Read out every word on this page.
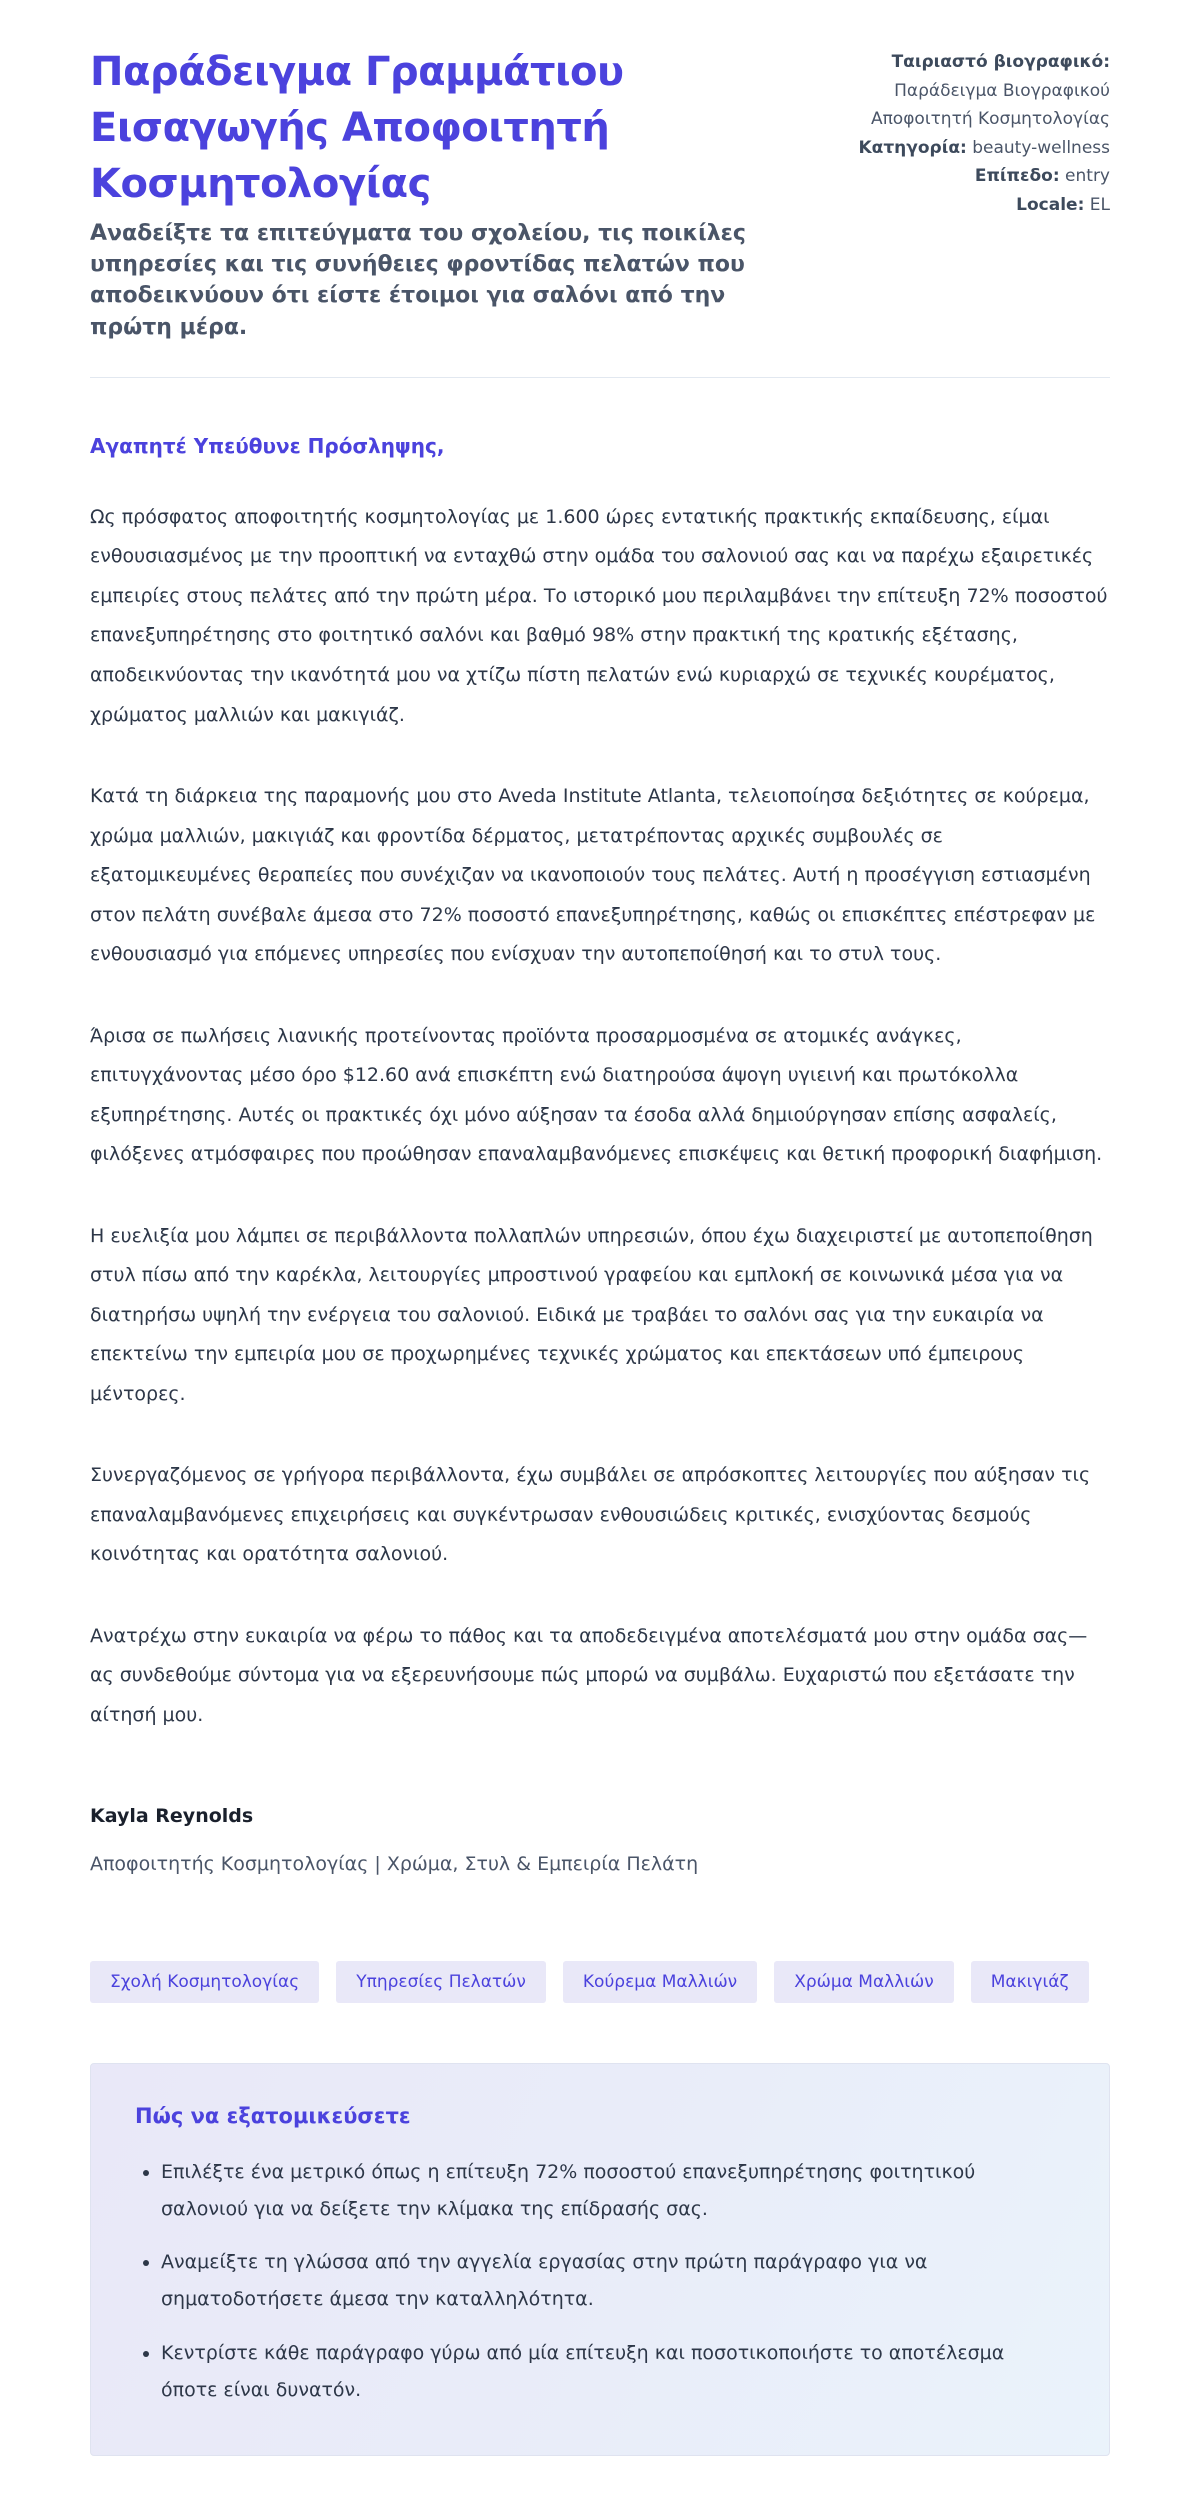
Παράδειγμα Γραμμάτιου Εισαγωγής Αποφοιτητή Κοσμητολογίας
Αναδείξτε τα επιτεύγματα του σχολείου, τις ποικίλες υπηρεσίες και τις συνήθειες φροντίδας πελατών που αποδεικνύουν ότι είστε έτοιμοι για σαλόνι από την πρώτη μέρα.
Ταιριαστό βιογραφικό: Παράδειγμα Βιογραφικού Αποφοιτητή Κοσμητολογίας
Κατηγορία: beauty-wellness
Επίπεδο: entry
Locale: EL
Αγαπητέ Υπεύθυνε Πρόσληψης,

Ως πρόσφατος αποφοιτητής κοσμητολογίας με 1.600 ώρες εντατικής πρακτικής εκπαίδευσης, είμαι ενθουσιασμένος με την προοπτική να ενταχθώ στην ομάδα του σαλονιού σας και να παρέχω εξαιρετικές εμπειρίες στους πελάτες από την πρώτη μέρα. Το ιστορικό μου περιλαμβάνει την επίτευξη 72% ποσοστού επανεξυπηρέτησης στο φοιτητικό σαλόνι και βαθμό 98% στην πρακτική της κρατικής εξέτασης, αποδεικνύοντας την ικανότητά μου να χτίζω πίστη πελατών ενώ κυριαρχώ σε τεχνικές κουρέματος, χρώματος μαλλιών και μακιγιάζ.

Κατά τη διάρκεια της παραμονής μου στο Aveda Institute Atlanta, τελειοποίησα δεξιότητες σε κούρεμα, χρώμα μαλλιών, μακιγιάζ και φροντίδα δέρματος, μετατρέποντας αρχικές συμβουλές σε εξατομικευμένες θεραπείες που συνέχιζαν να ικανοποιούν τους πελάτες. Αυτή η προσέγγιση εστιασμένη στον πελάτη συνέβαλε άμεσα στο 72% ποσοστό επανεξυπηρέτησης, καθώς οι επισκέπτες επέστρεφαν με ενθουσιασμό για επόμενες υπηρεσίες που ενίσχυαν την αυτοπεποίθησή και το στυλ τους.

Άρισα σε πωλήσεις λιανικής προτείνοντας προϊόντα προσαρμοσμένα σε ατομικές ανάγκες, επιτυγχάνοντας μέσο όρο $12.60 ανά επισκέπτη ενώ διατηρούσα άψογη υγιεινή και πρωτόκολλα εξυπηρέτησης. Αυτές οι πρακτικές όχι μόνο αύξησαν τα έσοδα αλλά δημιούργησαν επίσης ασφαλείς, φιλόξενες ατμόσφαιρες που προώθησαν επαναλαμβανόμενες επισκέψεις και θετική προφορική διαφήμιση.

Η ευελιξία μου λάμπει σε περιβάλλοντα πολλαπλών υπηρεσιών, όπου έχω διαχειριστεί με αυτοπεποίθηση στυλ πίσω από την καρέκλα, λειτουργίες μπροστινού γραφείου και εμπλοκή σε κοινωνικά μέσα για να διατηρήσω υψηλή την ενέργεια του σαλονιού. Ειδικά με τραβάει το σαλόνι σας για την ευκαιρία να επεκτείνω την εμπειρία μου σε προχωρημένες τεχνικές χρώματος και επεκτάσεων υπό έμπειρους μέντορες.

Συνεργαζόμενος σε γρήγορα περιβάλλοντα, έχω συμβάλει σε απρόσκοπτες λειτουργίες που αύξησαν τις επαναλαμβανόμενες επιχειρήσεις και συγκέντρωσαν ενθουσιώδεις κριτικές, ενισχύοντας δεσμούς κοινότητας και ορατότητα σαλονιού.

Ανατρέχω στην ευκαιρία να φέρω το πάθος και τα αποδεδειγμένα αποτελέσματά μου στην ομάδα σας—ας συνδεθούμε σύντομα για να εξερευνήσουμε πώς μπορώ να συμβάλω. Ευχαριστώ που εξετάσατε την αίτησή μου.

Kayla Reynolds
Αποφοιτητής Κοσμητολογίας | Χρώμα, Στυλ & Εμπειρία Πελάτη
Σχολή Κοσμητολογίας	Υπηρεσίες Πελατών	Κούρεμα Μαλλιών	Χρώμα Μαλλιών	Μακιγιάζ
Πώς να εξατομικεύσετε
• Επιλέξτε ένα μετρικό όπως η επίτευξη 72% ποσοστού επανεξυπηρέτησης φοιτητικού σαλονιού για να δείξετε την κλίμακα της επίδρασής σας.
• Αναμείξτε τη γλώσσα από την αγγελία εργασίας στην πρώτη παράγραφο για να σηματοδοτήσετε άμεσα την καταλληλότητα.
• Κεντρίστε κάθε παράγραφο γύρω από μία επίτευξη και ποσοτικοποιήστε το αποτέλεσμα όποτε είναι δυνατόν.
